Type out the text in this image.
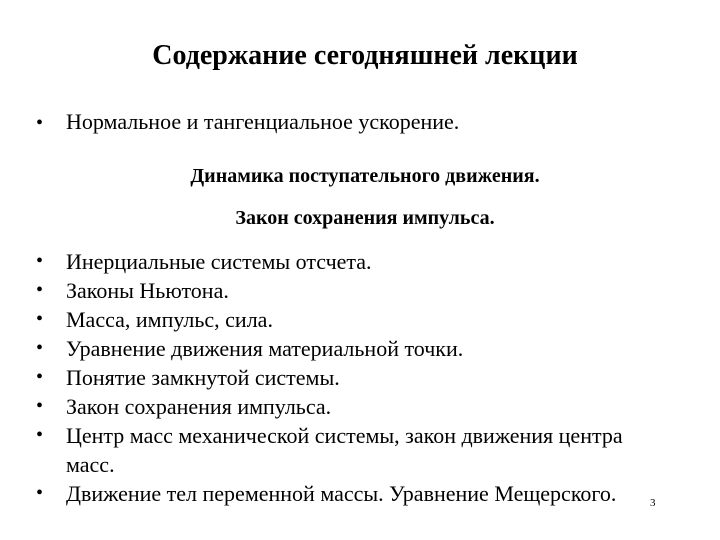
Содержание сегодняшней лекции
• Нормальное и тангенциальное ускорение.
Динамика поступательного движения.
Закон сохранения импульса.
• Инерциальные системы отсчета.
• Законы Ньютона.
• Масса, импульс, сила.
• Уравнение движения материальной точки.
• Понятие замкнутой системы.
• Закон сохранения импульса.
• Центр масс механической системы, закон движения центра
масс.
• Движение тел переменной массы. Уравнение Мещерского.	3
